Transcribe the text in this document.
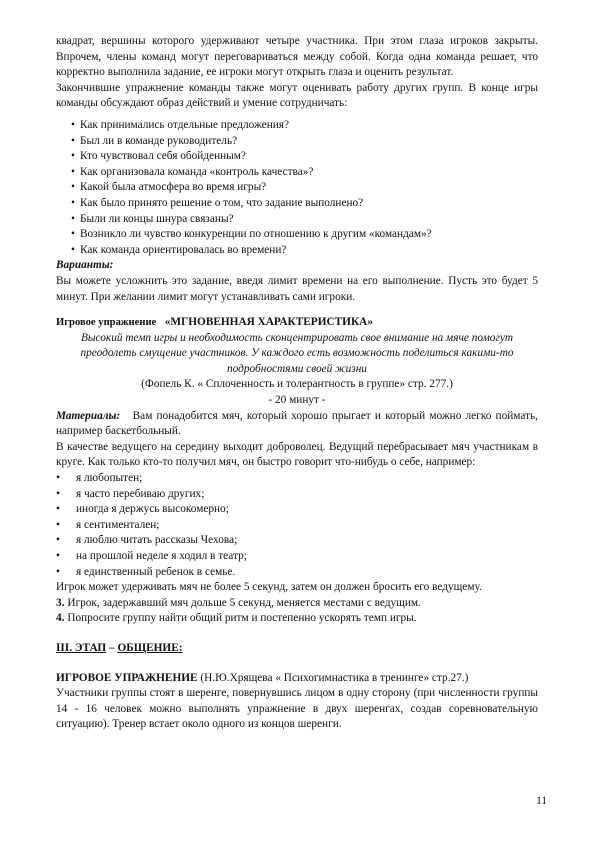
квадрат, вершины которого удерживают четыре участника. При этом глаза игроков закрыты. Впрочем, члены команд могут переговариваться между собой. Когда одна команда решает, что корректно выполнила задание, ее игроки могут открыть глаза и оценить результат.

Закончившие упражнение команды также могут оценивать работу других групп. В конце игры команды обсуждают образ действий и умение сотрудничать:

• Как принимались отдельные предложения?
• Был ли в команде руководитель?
• Кто чувствовал себя обойденным?
• Как организовала команда «контроль качества»?
• Какой была атмосфера во время игры?
• Как было принято решение о том, что задание выполнено?
• Были ли концы шнура связаны?
• Возникло ли чувство конкуренции по отношению к другим «командам»?
• Как команда ориентировалась во времени?

Варианты:

Вы можете усложнить это задание, введя лимит времени на его выполнение. Пусть это будет 5 минут. При желании лимит могут устанавливать сами игроки.

Игровое упражнение «МГНОВЕННАЯ ХАРАКТЕРИСТИКА»

Высокий темп игры и необходимость сконцентрировать свое внимание на мяче помогут преодолеть смущение участников. У каждого есть возможность поделиться какими-то подробностями своей жизни

(Фопель К. « Сплоченность и толерантность в группе» стр. 277.)

- 20 минут -

Материалы: Вам понадобится мяч, который хорошо прыгает и который можно легко поймать, например баскетбольный.

В качестве ведущего на середину выходит доброволец. Ведущий перебрасывает мяч участникам в круге. Как только кто-то получил мяч, он быстро говорит что-нибудь о себе, например:

• я любопытен;
• я часто перебиваю других;
• иногда я держусь высокомерно;
• я сентиментален;
• я люблю читать рассказы Чехова;
• на прошлой неделе я ходил в театр;
• я единственный ребенок в семье.

Игрок может удерживать мяч не более 5 секунд, затем он должен бросить его ведущему.

3. Игрок, задержавший мяч дольше 5 секунд, меняется местами с ведущим.

4. Попросите группу найти общий ритм и постепенно ускорять темп игры.

III. ЭТАП – ОБЩЕНИЕ:

ИГРОВОЕ УПРАЖНЕНИЕ (Н.Ю.Хрящева « Психогимнастика в тренинге» стр.27.)

Участники группы стоят в шеренге, повернувшись лицом в одну сторону (при численности группы 14 - 16 человек можно выполнять упражнение в двух шеренгах, создав соревновательную ситуацию). Тренер встает около одного из концов шеренги.

11
